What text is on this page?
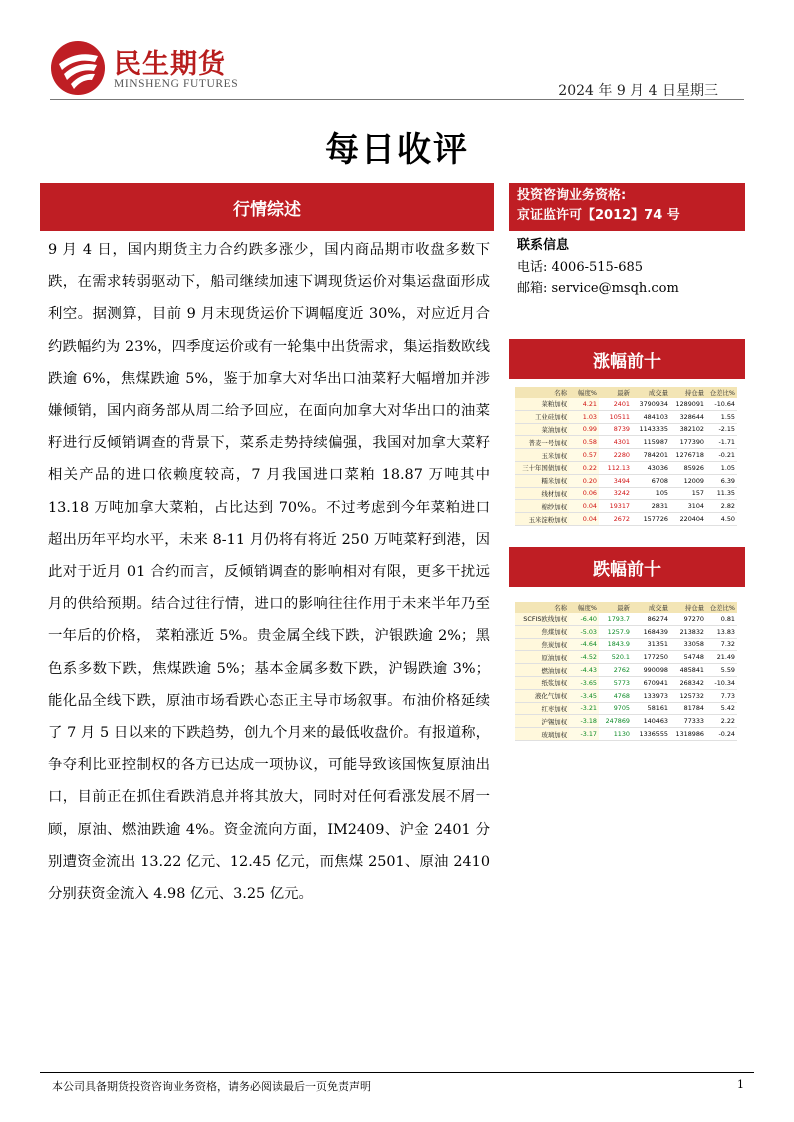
民生期货
MINSHENG FUTURES	2024 年 9 月 4 日星期三
每日收评
行情综述

9 月 4 日，国内期货主力合约跌多涨少，国内商品期市收盘多数下跌，在需求转弱驱动下，船司继续加速下调现货运价对集运盘面形成利空。据测算，目前 9 月末现货运价下调幅度近 30%，对应近月合约跌幅约为 23%，四季度运价或有一轮集中出货需求，集运指数欧线跌逾 6%，焦煤跌逾 5%，鉴于加拿大对华出口油菜籽大幅增加并涉嫌倾销，国内商务部从周二给予回应，在面向加拿大对华出口的油菜籽进行反倾销调查的背景下，菜系走势持续偏强，我国对加拿大菜籽相关产品的进口依赖度较高，7 月我国进口菜粕 18.87 万吨其中 13.18 万吨加拿大菜粕，占比达到 70%。不过考虑到今年菜粕进口超出历年平均水平，未来 8-11 月仍将有将近 250 万吨菜籽到港，因此对于近月 01 合约而言，反倾销调查的影响相对有限，更多干扰远月的供给预期。结合过往行情，进口的影响往往作用于未来半年乃至一年后的价格， 菜粕涨近 5%。贵金属全线下跌，沪银跌逾 2%；黑色系多数下跌，焦煤跌逾 5%；基本金属多数下跌，沪锡跌逾 3%；能化品全线下跌，原油市场看跌心态正主导市场叙事。布油价格延续了 7 月 5 日以来的下跌趋势，创九个月来的最低收盘价。有报道称，争夺利比亚控制权的各方已达成一项协议，可能导致该国恢复原油出口，目前正在抓住看跌消息并将其放大，同时对任何看涨发展不屑一顾，原油、燃油跌逾 4%。资金流向方面，IM2409、沪金 2401 分别遭资金流出 13.22 亿元、12.45 亿元，而焦煤 2501、原油 2410 分别获资金流入 4.98 亿元、3.25 亿元。

投资咨询业务资格:
京证监许可【2012】74 号
联系信息
电话: 4006-515-685
邮箱: service@msqh.com
涨幅前十
名称	幅度%	最新	成交量	持仓量	仓差比%
菜粕加权	4.21	2401	3790934	1289091	-10.64
工业硅加权	1.03	10511	484103	328644	1.55
菜油加权	0.99	8739	1143335	382102	-2.15
普麦一号加权	0.58	4301	115987	177390	-1.71
玉米加权	0.57	2280	784201	1276718	-0.21
三十年国债加权	0.22	112.13	43036	85926	1.05
糯米加权	0.20	3494	6708	12009	6.39
线材加权	0.06	3242	105	157	11.35
棉纱加权	0.04	19317	2831	3104	2.82
玉米淀粉加权	0.04	2672	157726	220404	4.50
跌幅前十
名称	幅度%	最新	成交量	持仓量	仓差比%
SCFIS欧线加权	-6.40	1793.7	86274	97270	0.81
焦煤加权	-5.03	1257.9	168439	213832	13.83
焦炭加权	-4.64	1843.9	31351	33058	7.32
原油加权	-4.52	520.1	177250	54748	21.49
燃油加权	-4.43	2762	990098	485841	5.59
纸浆加权	-3.65	5773	670941	268342	-10.34
液化气加权	-3.45	4768	133973	125732	7.73
红枣加权	-3.21	9705	58161	81784	5.42
沪锡加权	-3.18	247869	140463	77333	2.22
玻璃加权	-3.17	1130	1336555	1318986	-0.24
本公司具备期货投资咨询业务资格，请务必阅读最后一页免责声明	1
